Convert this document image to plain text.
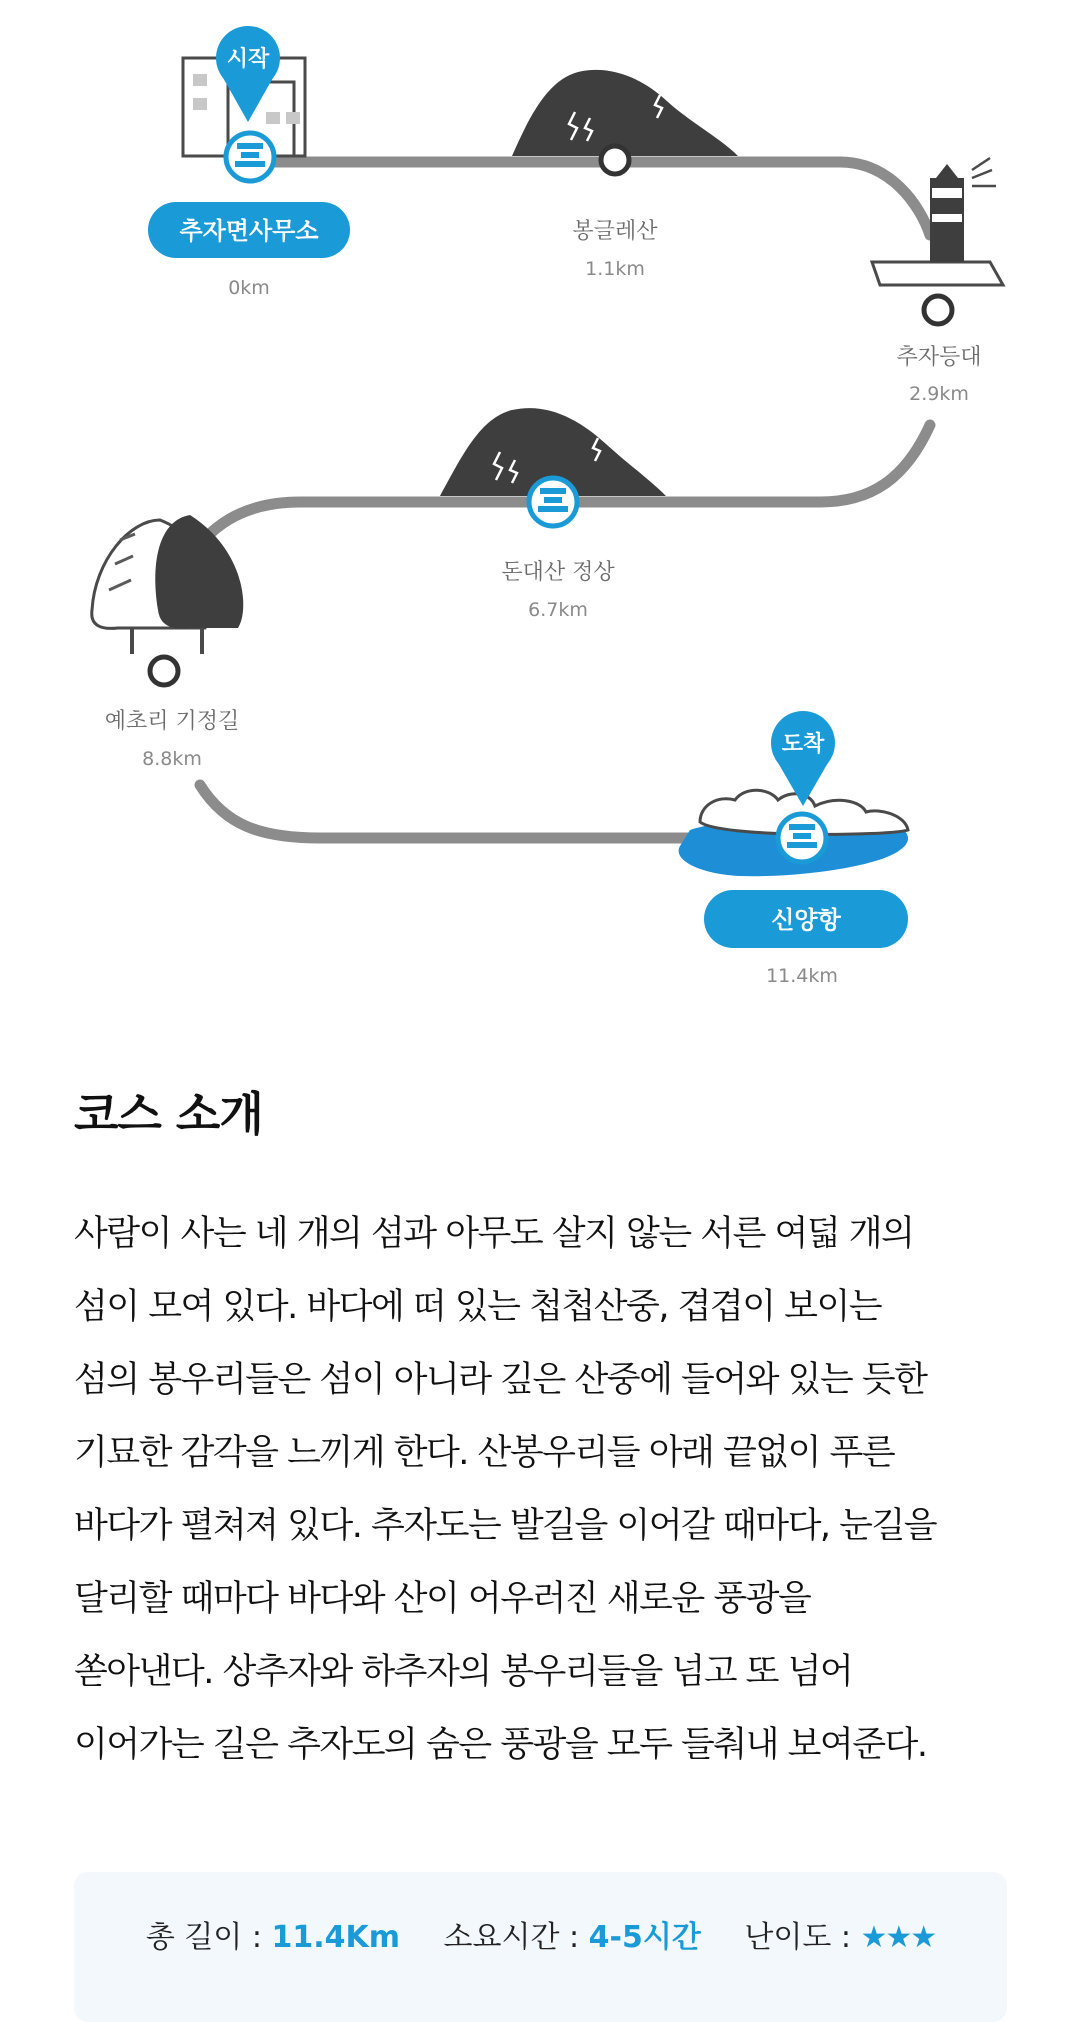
시작
도착
추자면사무소
0km
봉글레산
1.1km
추자등대
2.9km
돈대산 정상
6.7km
예초리 기정길
8.8km
신양항
11.4km
코스 소개
사람이 사는 네 개의 섬과 아무도 살지 않는 서른 여덟 개의
섬이 모여 있다. 바다에 떠 있는 첩첩산중, 겹겹이 보이는
섬의 봉우리들은 섬이 아니라 깊은 산중에 들어와 있는 듯한
기묘한 감각을 느끼게 한다. 산봉우리들 아래 끝없이 푸른
바다가 펼쳐져 있다. 추자도는 발길을 이어갈 때마다, 눈길을
달리할 때마다 바다와 산이 어우러진 새로운 풍광을
쏟아낸다. 상추자와 하추자의 봉우리들을 넘고 또 넘어
이어가는 길은 추자도의 숨은 풍광을 모두 들춰내 보여준다.
총 길이 : 11.4Km 소요시간 : 4-5시간 난이도 : ★★★
